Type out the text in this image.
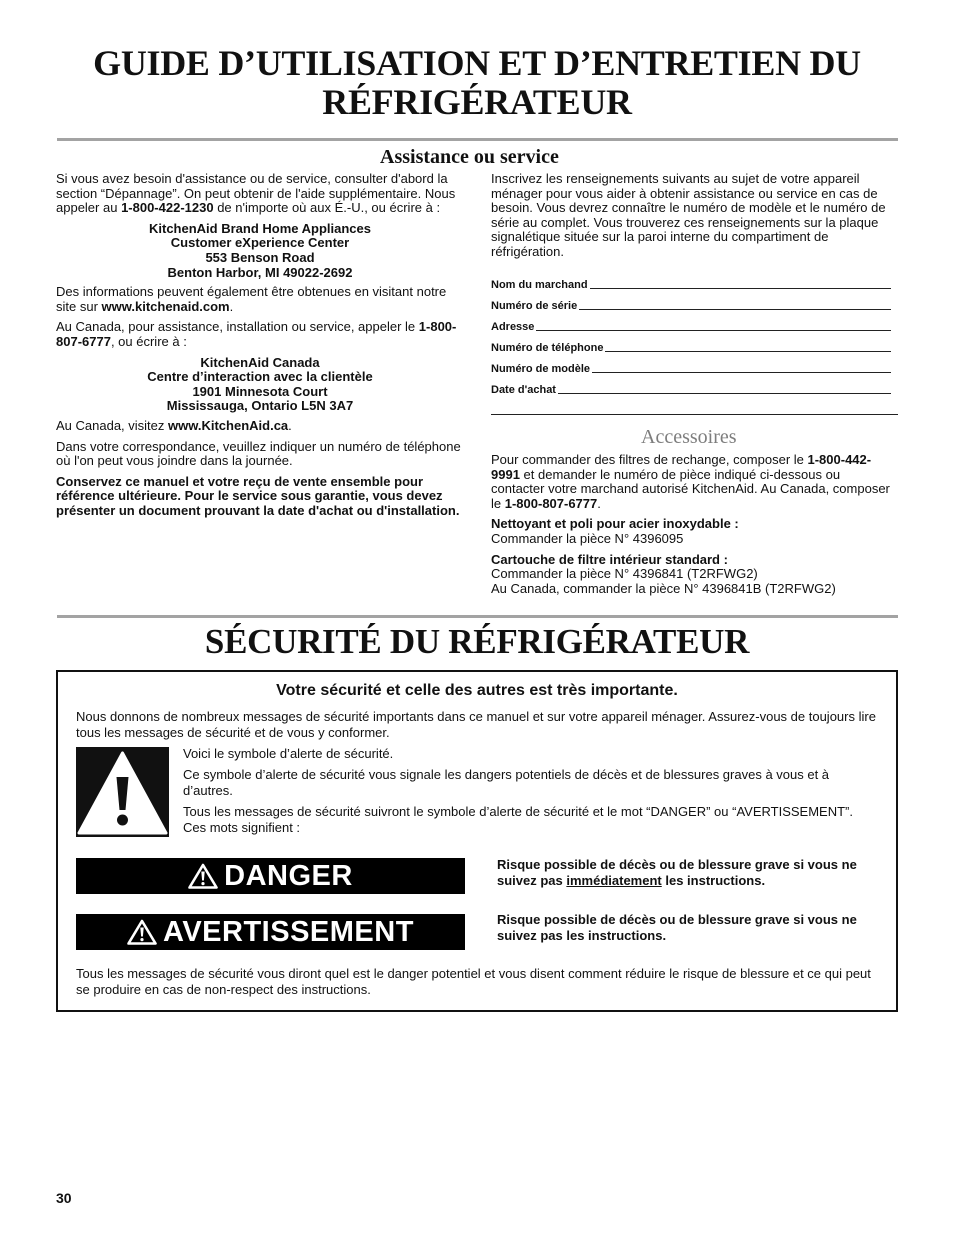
GUIDE D’UTILISATION ET D’ENTRETIEN DU RÉFRIGÉRATEUR
Assistance ou service

Si vous avez besoin d'assistance ou de service, consulter d'abord la section “Dépannage”. On peut obtenir de l'aide supplémentaire. Nous appeler au 1-800-422-1230 de n'importe où aux É.-U., ou écrire à :

KitchenAid Brand Home Appliances
Customer eXperience Center
553 Benson Road
Benton Harbor, MI 49022-2692

Des informations peuvent également être obtenues en visitant notre site sur www.kitchenaid.com.

Au Canada, pour assistance, installation ou service, appeler le 1-800-807-6777, ou écrire à :

KitchenAid Canada
Centre d’interaction avec la clientèle
1901 Minnesota Court
Mississauga, Ontario L5N 3A7

Au Canada, visitez www.KitchenAid.ca.

Dans votre correspondance, veuillez indiquer un numéro de téléphone où l'on peut vous joindre dans la journée.

Conservez ce manuel et votre reçu de vente ensemble pour référence ultérieure. Pour le service sous garantie, vous devez présenter un document prouvant la date d'achat ou d'installation.

Inscrivez les renseignements suivants au sujet de votre appareil ménager pour vous aider à obtenir assistance ou service en cas de besoin. Vous devrez connaître le numéro de modèle et le numéro de série au complet. Vous trouverez ces renseignements sur la plaque signalétique située sur la paroi interne du compartiment de réfrigération.

Nom du marchand
Numéro de série
Adresse
Numéro de téléphone
Numéro de modèle
Date d'achat
Accessoires

Pour commander des filtres de rechange, composer le 1-800-442-9991 et demander le numéro de pièce indiqué ci-dessous ou contacter votre marchand autorisé KitchenAid. Au Canada, composer le 1-800-807-6777.

Nettoyant et poli pour acier inoxydable :
Commander la pièce N° 4396095

Cartouche de filtre intérieur standard :
Commander la pièce N° 4396841 (T2RFWG2)
Au Canada, commander la pièce N° 4396841B (T2RFWG2)

SÉCURITÉ DU RÉFRIGÉRATEUR
Votre sécurité et celle des autres est très importante.

Nous donnons de nombreux messages de sécurité importants dans ce manuel et sur votre appareil ménager. Assurez-vous de toujours lire tous les messages de sécurité et de vous y conformer.

Voici le symbole d’alerte de sécurité.

Ce symbole d’alerte de sécurité vous signale les dangers potentiels de décès et de blessures graves à vous et à d’autres.

Tous les messages de sécurité suivront le symbole d’alerte de sécurité et le mot “DANGER” ou “AVERTISSEMENT”. Ces mots signifient :

DANGER	Risque possible de décès ou de blessure grave si vous ne suivez pas immédiatement les instructions.
AVERTISSEMENT	Risque possible de décès ou de blessure grave si vous ne suivez pas les instructions.

Tous les messages de sécurité vous diront quel est le danger potentiel et vous disent comment réduire le risque de blessure et ce qui peut se produire en cas de non-respect des instructions.

30
